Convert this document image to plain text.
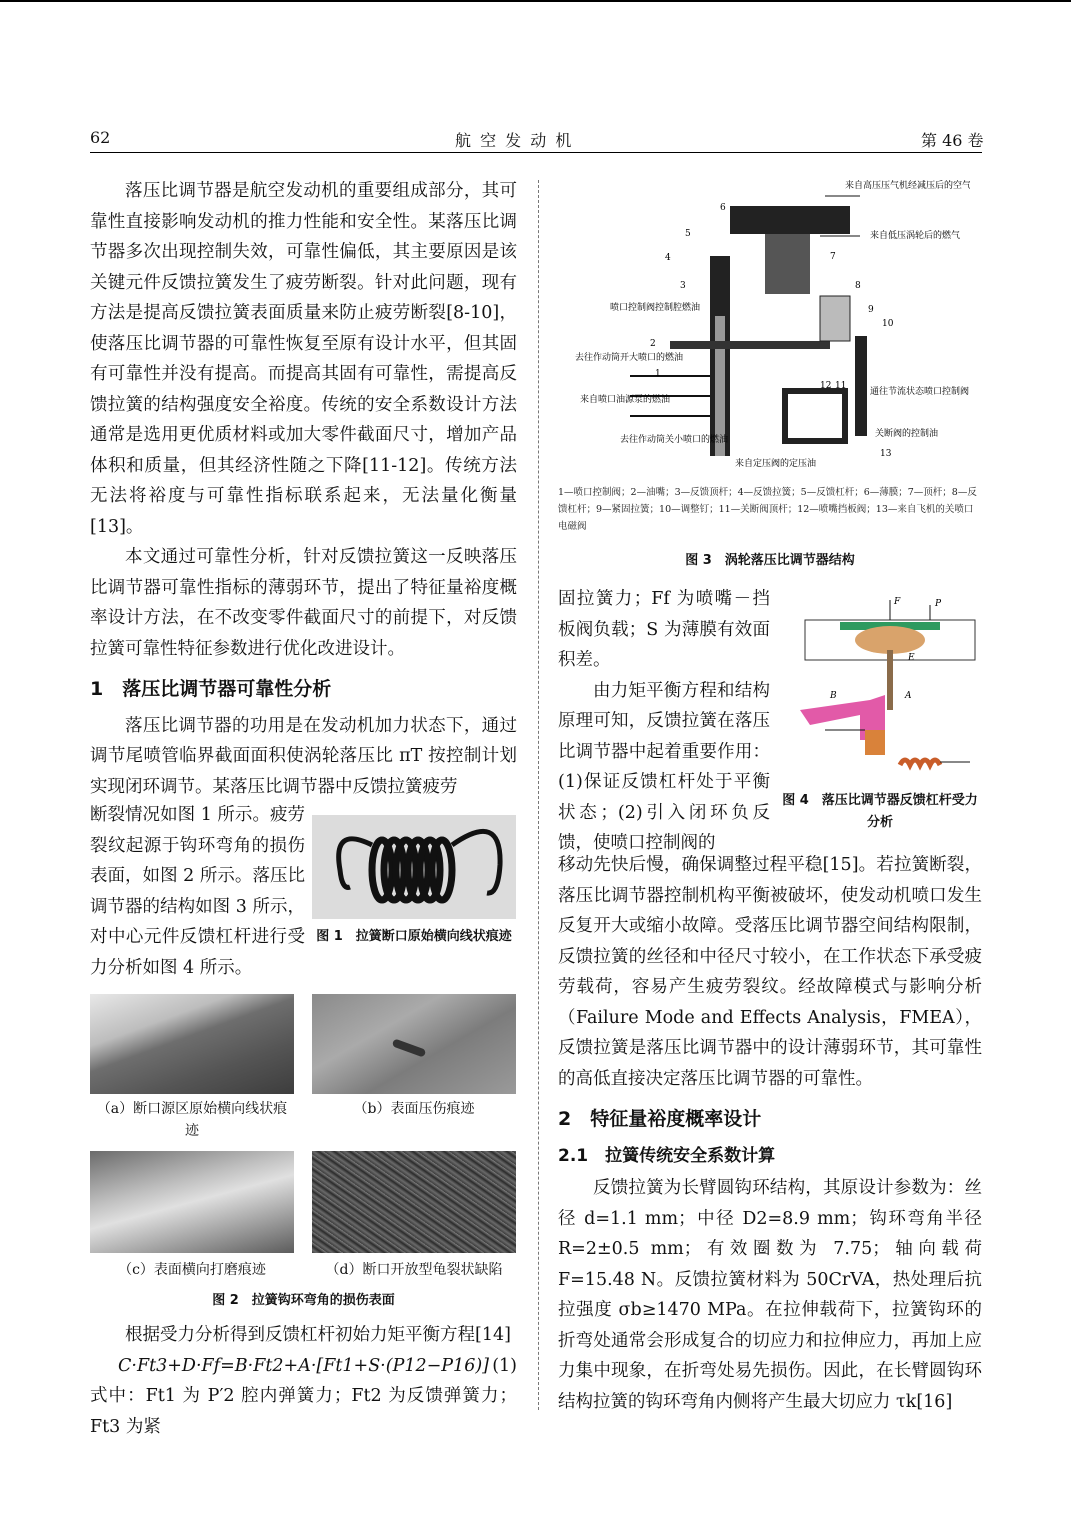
62	航 空 发 动 机	第 46 卷

落压比调节器是航空发动机的重要组成部分，其可靠性直接影响发动机的推力性能和安全性。某落压比调节器多次出现控制失效，可靠性偏低，其主要原因是该关键元件反馈拉簧发生了疲劳断裂。针对此问题，现有方法是提高反馈拉簧表面质量来防止疲劳断裂[8-10]，使落压比调节器的可靠性恢复至原有设计水平，但其固有可靠性并没有提高。而提高其固有可靠性，需提高反馈拉簧的结构强度安全裕度。传统的安全系数设计方法通常是选用更优质材料或加大零件截面尺寸，增加产品体积和质量，但其经济性随之下降[11-12]。传统方法无法将裕度与可靠性指标联系起来，无法量化衡量[13]。

本文通过可靠性分析，针对反馈拉簧这一反映落压比调节器可靠性指标的薄弱环节，提出了特征量裕度概率设计方法，在不改变零件截面尺寸的前提下，对反馈拉簧可靠性特征参数进行优化改进设计。

1　落压比调节器可靠性分析

落压比调节器的功用是在发动机加力状态下，通过调节尾喷管临界截面面积使涡轮落压比 πT 按控制计划实现闭环调节。某落压比调节器中反馈拉簧疲劳

断裂情况如图 1 所示。疲劳裂纹起源于钩环弯角的损伤表面，如图 2 所示。落压比调节器的结构如图 3 所示，对中心元件反馈杠杆进行受力分析如图 4 所示。
图 1　拉簧断口原始横向线状痕迹
（a）断口源区原始横向线状痕迹
（b）表面压伤痕迹
（c）表面横向打磨痕迹	（d）断口开放型龟裂状缺陷
图 2　拉簧钩环弯角的损伤表面

根据受力分析得到反馈杠杆初始力矩平衡方程[14]

C·Ft3+D·Ff=B·Ft2+A·[Ft1+S·(P12−P16)] (1)

式中：Ft1 为 P′2 腔内弹簧力；Ft2 为反馈弹簧力；Ft3 为紧

6
5
4
3	8
9
10
2
1
12 11
7
13
来自高压压气机经减压后的空气
来自低压涡轮后的燃气
喷口控制阀控制腔燃油
去往作动筒开大喷口的燃油
来自喷口油源泵的燃油
去往作动筒关小喷口的燃油
来自定压阀的定压油
通往节流状态喷口控制阀
关断阀的控制油
1—喷口控制阀；2—油嘴；3—反馈顶杆；4—反馈拉簧；5—反馈杠杆；6—薄膜；7—顶杆；8—反馈杠杆；9—紧固拉簧；10—调整钉；11—关断阀顶杆；12—喷嘴挡板阀；13—来自飞机的关喷口电磁阀
图 3　涡轮落压比调节器结构
F	P
B	A
E
图 4　落压比调节器反馈杠杆受力分析

固拉簧力；Ff 为喷嘴－挡板阀负载；S 为薄膜有效面积差。

由力矩平衡方程和结构原理可知，反馈拉簧在落压比调节器中起着重要作用：(1)保证反馈杠杆处于平衡状态；(2)引入闭环负反馈，使喷口控制阀的

移动先快后慢，确保调整过程平稳[15]。若拉簧断裂，落压比调节器控制机构平衡被破坏，使发动机喷口发生反复开大或缩小故障。受落压比调节器空间结构限制，反馈拉簧的丝径和中径尺寸较小，在工作状态下承受疲劳载荷，容易产生疲劳裂纹。经故障模式与影响分析（Failure Mode and Effects Analysis，FMEA），反馈拉簧是落压比调节器中的设计薄弱环节，其可靠性的高低直接决定落压比调节器的可靠性。

2　特征量裕度概率设计
2.1　拉簧传统安全系数计算

反馈拉簧为长臂圆钩环结构，其原设计参数为：丝径 d=1.1 mm；中径 D2=8.9 mm；钩环弯角半径 R=2±0.5 mm；有效圈数为 7.75；轴向载荷 F=15.48 N。反馈拉簧材料为 50CrVA，热处理后抗拉强度 σb≥1470 MPa。在拉伸载荷下，拉簧钩环的折弯处通常会形成复合的切应力和拉伸应力，再加上应力集中现象，在折弯处易先损伤。因此，在长臂圆钩环结构拉簧的钩环弯角内侧将产生最大切应力 τk[16]
